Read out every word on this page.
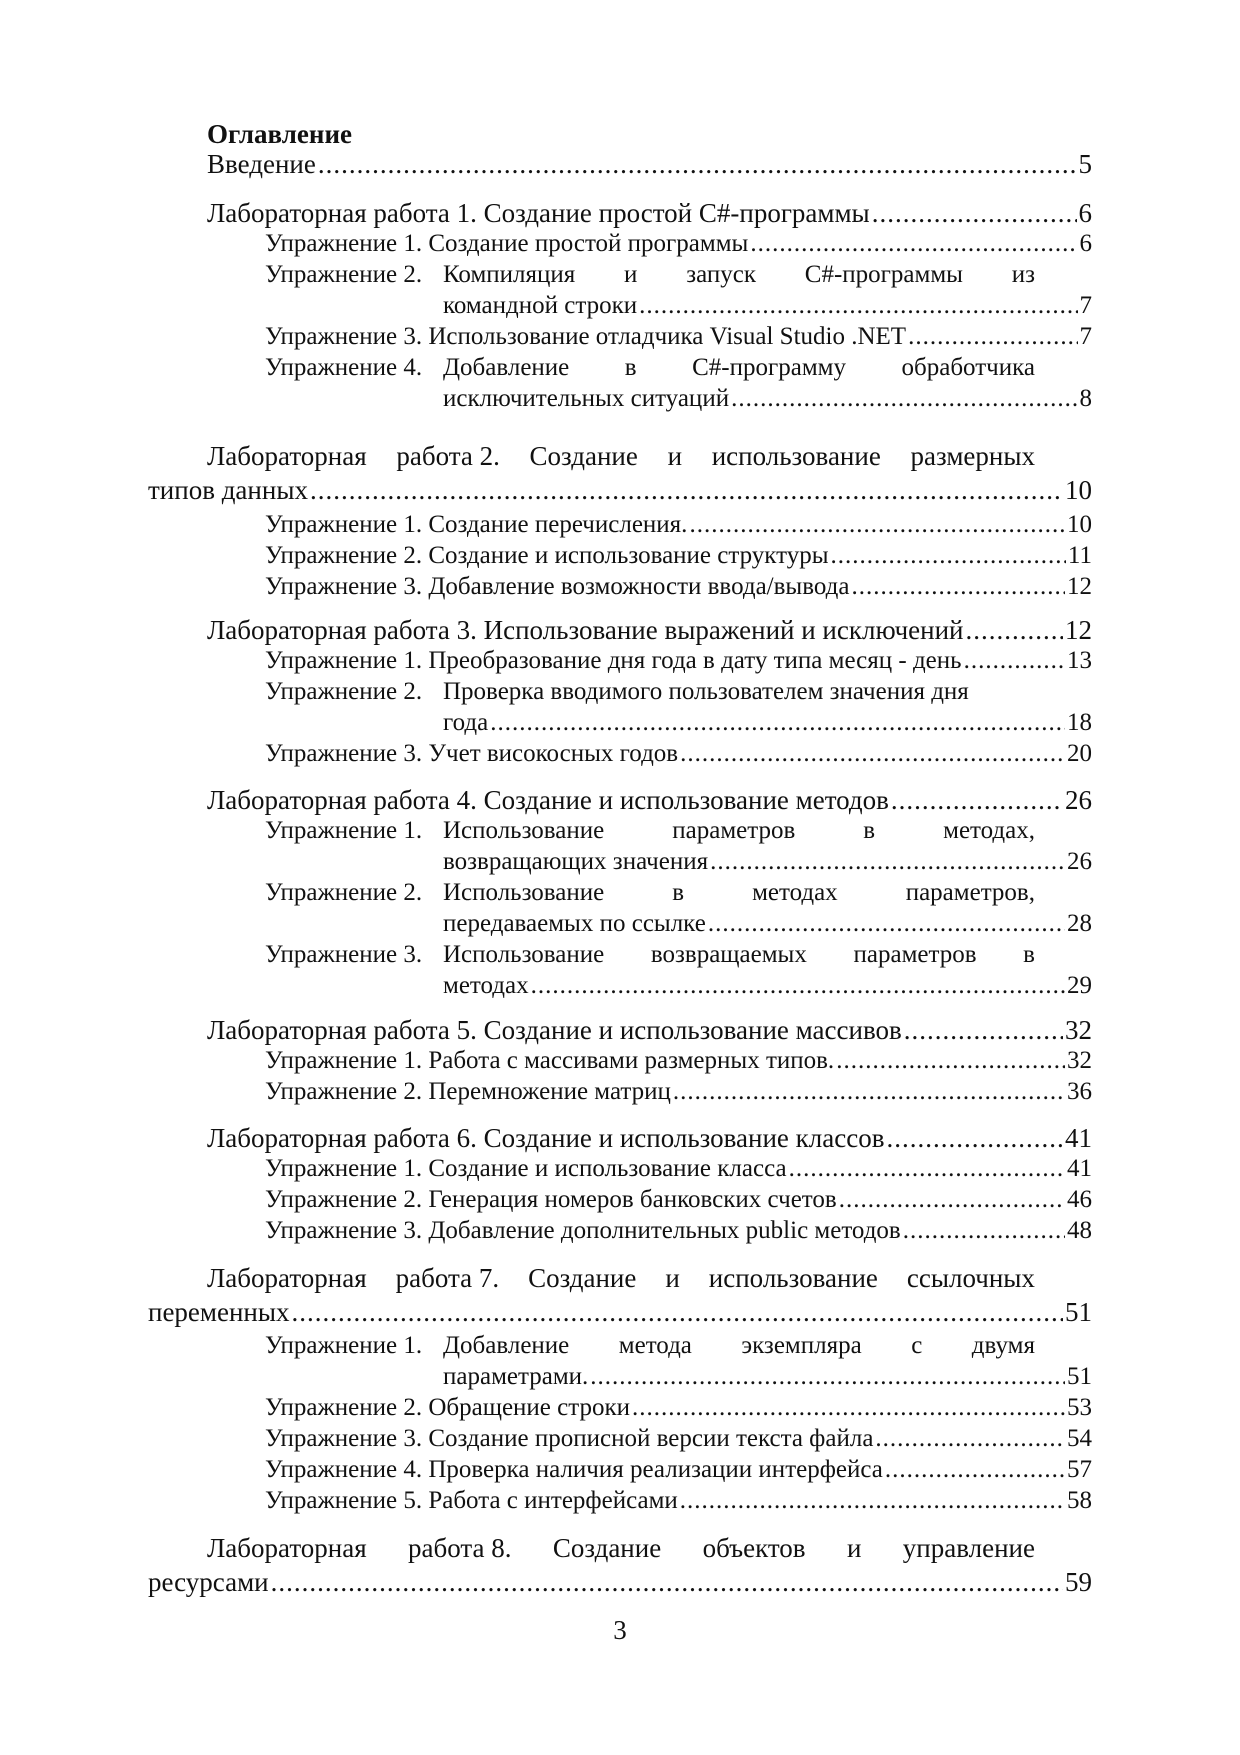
Оглавление
Введение .....	5
Лабораторная работа 1. Создание простой C#-программы .....	6
Упражнение 1. Создание простой программы .....	6
Упражнение 2. Компиляция и запуск C#-программы из
командной строки .....	7
Упражнение 3. Использование отладчика Visual Studio .NET .....	7
Упражнение 4. Добавление в C#-программу обработчика
исключительных ситуаций .....	8
Лабораторная работа 2. Создание и использование размерных
типов данных .....	10
Упражнение 1. Создание перечисления. .....	10
Упражнение 2. Создание и использование структуры .....	11
Упражнение 3. Добавление возможности ввода/вывода .....	12
Лабораторная работа 3. Использование выражений и исключений .....	12
Упражнение 1. Преобразование дня года в дату типа месяц - день .....	13
Упражнение 2. Проверка вводимого пользователем значения дня
года .....	18
Упражнение 3. Учет високосных годов .....	20
Лабораторная работа 4. Создание и использование методов .....	26
Упражнение 1. Использование	параметров	в	методах,
возвращающих значения .....	26
Упражнение 2. Использование	в	методах	параметров,
передаваемых по ссылке .....	28
Упражнение 3. Использование возвращаемых параметров в
методах .....	29
Лабораторная работа 5. Создание и использование массивов .....	32
Упражнение 1. Работа с массивами размерных типов. .....	32
Упражнение 2. Перемножение матриц .....	36
Лабораторная работа 6. Создание и использование классов .....	41
Упражнение 1. Создание и использование класса .....	41
Упражнение 2. Генерация номеров банковских счетов .....	46
Упражнение 3. Добавление дополнительных public методов .....	48
Лабораторная работа 7. Создание и использование ссылочных
переменных .....	51
Упражнение 1. Добавление метода экземпляра с двумя
параметрами. .....	51
Упражнение 2. Обращение строки .....	53
Упражнение 3. Создание прописной версии текста файла .....	54
Упражнение 4. Проверка наличия реализации интерфейса .....	57
Упражнение 5. Работа с интерфейсами .....	58
Лабораторная работа 8. Создание объектов и управление
ресурсами .....	59
3
